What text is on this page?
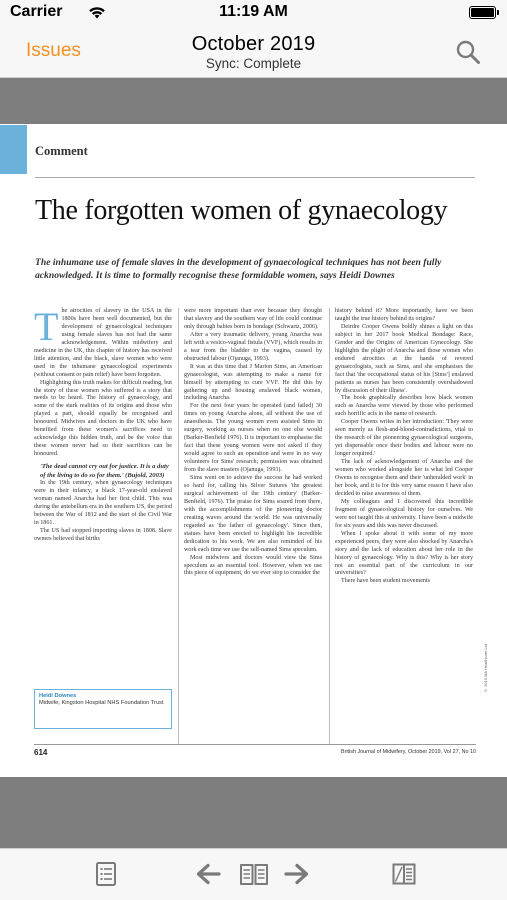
Carrier	11:19 AM
Issues	October 2019
Sync: Complete
Comment
The forgotten women of gynaecology
The inhumane use of female slaves in the development of gynaecological techniques has not been fully acknowledged. It is time to formally recognise these formidable women, says Heidi Downes
T he atrocities of slavery in the USA in the 1800s have been well documented, but the development of gynaecological techniques using female slaves has not had the same acknowledgement. Within midwifery and medicine in the UK, this chapter of history has received little attention, and the black, slave women who were used in the inhumane gynaecological experiments (without consent or pain relief) have been forgotten.

Highlighting this truth makes for difficult reading, but the story of these women who suffered is a story that needs to be heard. The history of gynaecology, and some of the stark realities of its origins and those who played a part, should equally be recognised and honoured. Midwives and doctors in the UK who have benefited from these women's sacrifices need to acknowledge this hidden truth, and be the voice that these women never had so their sacrifices can be honoured.

'The dead cannot cry out for justice. It is a duty of the living to do so for them.' (Bujold, 2003)

In the 19th century, when gynaecology techniques were in their infancy, a black 17-year-old enslaved woman named Anarcha had her first child. This was during the antebellum era in the southern US, the period between the War of 1812 and the start of the Civil War in 1861.

The US had stopped importing slaves in 1808. Slave owners believed that births

were more important than ever because they thought that slavery and the southern way of life could continue only through babies born in bondage (Schwartz, 2006).

After a very traumatic delivery, young Anarcha was left with a vesico-vaginal fistula (VVF), which results in a tear from the bladder to the vagina, caused by obstructed labour (Ojanuga, 1993).

It was at this time that J Marion Sims, an American gynaecologist, was attempting to make a name for himself by attempting to cure VVF. He did this by gathering up and housing enslaved black women, including Anarcha.

For the next four years he operated (and failed) 30 times on young Anarcha alone, all without the use of anaesthesia. The young women even assisted Sims in surgery, working as nurses when no one else would (Barker-Benfield 1976). It is important to emphasise the fact that these young women were not asked if they would agree to such an operation and were in no way volunteers for Sims' research; permission was obtained from the slave masters (Ojanuga, 1993).

Sims went on to achieve the success he had worked so hard for, calling his Silver Sutures 'the greatest surgical achievement of the 19th century' (Barker-Benfield, 1976). The praise for Sims soared from there, with the accomplishments of the pioneering doctor creating waves around the world. He was universally regarded as 'the father of gynaecology'. Since then, statues have been erected to highlight his incredible dedication to his work. We are also reminded of his work each time we use the self-named Sims speculum.

Most midwives and doctors would view the Sims speculum as an essential tool. However, when we use this piece of equipment, do we ever stop to consider the

history behind it? More importantly, have we been taught the true history behind its origins?

Deirdre Cooper Owens boldly shines a light on this subject in her 2017 book Medical Bondage: Race, Gender and the Origins of American Gynecology. She highlights the plight of Anarcha and those women who endured atrocities at the hands of revered gynaecologists, such as Sims, and she emphasises the fact that 'the occupational status of his [Sims'] enslaved patients as nurses has been consistently overshadowed by discussion of their illness'.

The book graphically describes how black women such as Anarcha were viewed by those who performed such horrific acts in the name of research.

Cooper Owens writes in her introduction: 'They were seen merely as flesh-and-blood-contradictions, vital to the research of the pioneering gynaecological surgeons, yet dispensable once their bodies and labour were no longer required.'

The lack of acknowledgement of Anarcha and the women who worked alongside her is what led Cooper Owens to recognise them and their 'unheralded work' in her book, and it is for this very same reason I have also decided to raise awareness of them.

My colleagues and I discovered this incredible fragment of gynaecological history for ourselves. We were not taught this at university. I have been a midwife for six years and this was never discussed.

When I spoke about it with some of my more experienced peers, they were also shocked by Anarcha's story and the lack of education about her role in the history of gynaecology. Why is this? Why is her story not an essential part of the curriculum in our universities?

There have been student movements

Heidi Downes
Midwife, Kingston Hospital NHS Foundation Trust
© 2019 MA Healthcare Ltd
614	British Journal of Midwifery, October 2019, Vol 27, No 10
